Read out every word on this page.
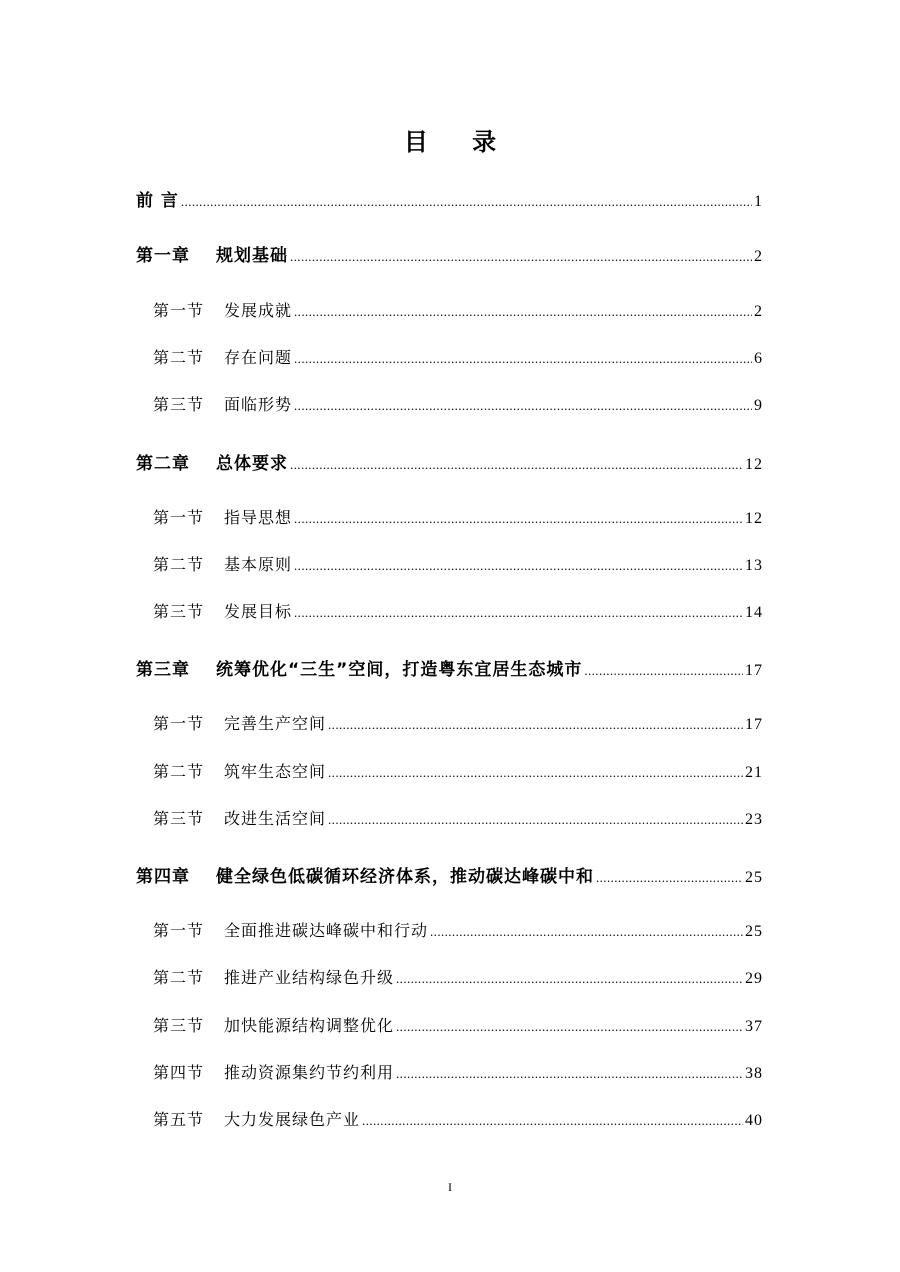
目 录
前 言 .....	1
第一章 规划基础 .....	2
第一节 发展成就 .....	2
第二节 存在问题 .....	6
第三节 面临形势 .....	9
第二章 总体要求 .....	12
第一节 指导思想 .....	12
第二节 基本原则 .....	13
第三节 发展目标 .....	14
第三章 统筹优化“三生”空间，打造粤东宜居生态城市 .....	17
第一节 完善生产空间 .....	17
第二节 筑牢生态空间 .....	21
第三节 改进生活空间 .....	23
第四章 健全绿色低碳循环经济体系，推动碳达峰碳中和 .....	25
第一节 全面推进碳达峰碳中和行动 .....	25
第二节 推进产业结构绿色升级 .....	29
第三节 加快能源结构调整优化 .....	37
第四节 推动资源集约节约利用 .....	38
第五节 大力发展绿色产业 .....	40
I
